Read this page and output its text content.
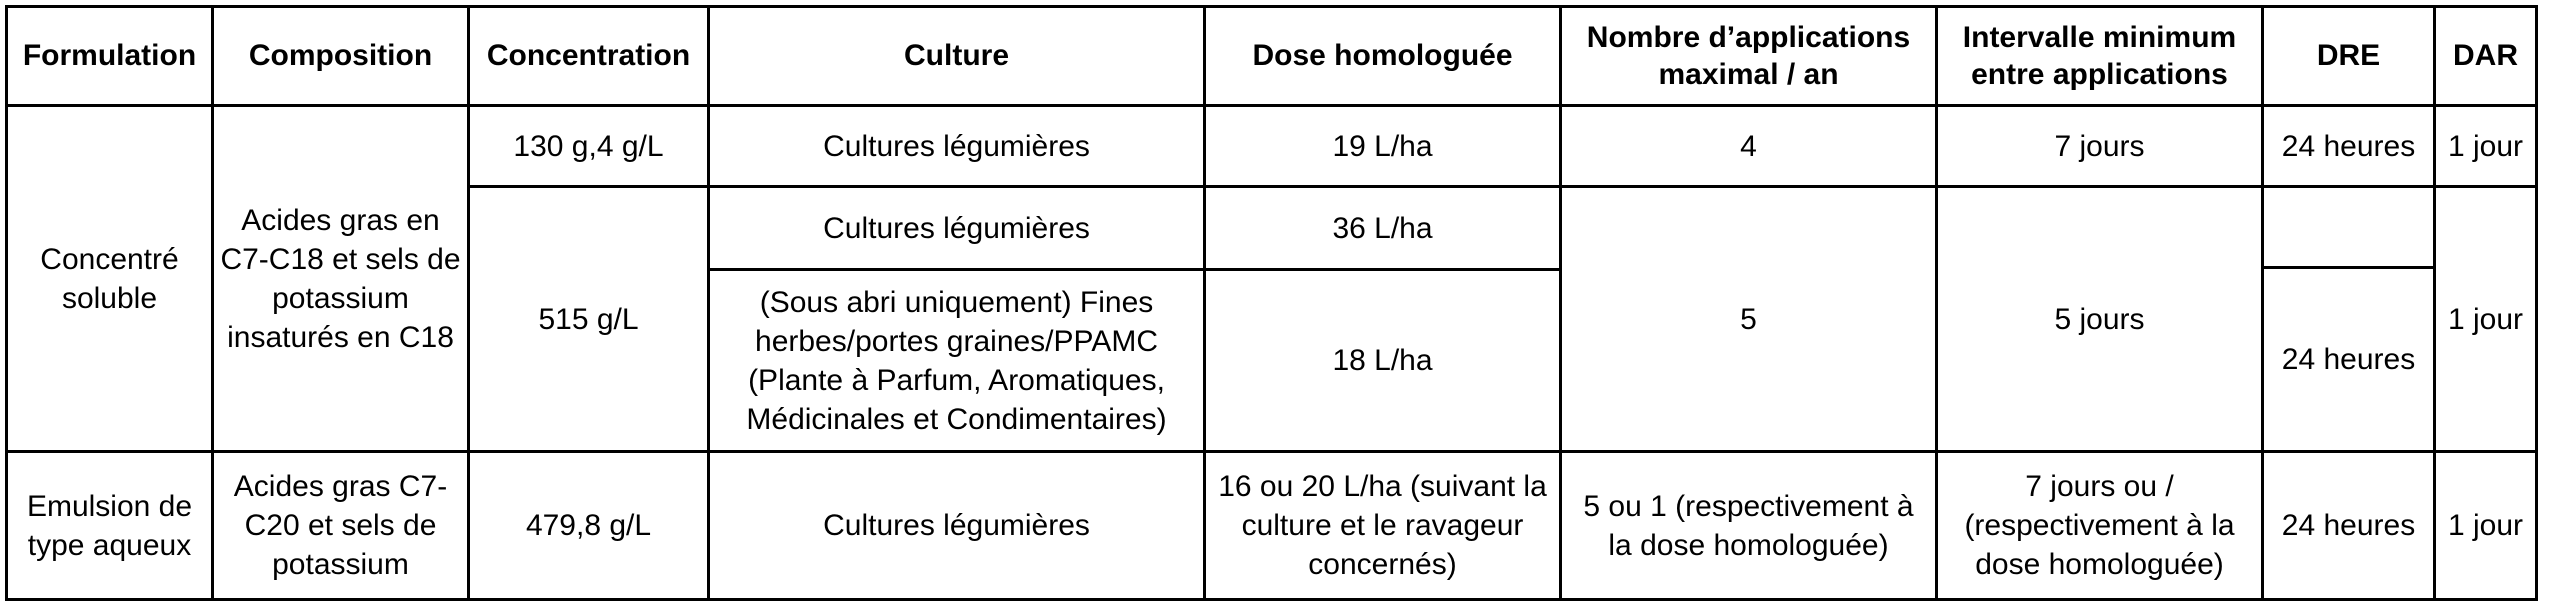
Formulation	Composition	Concentration	Culture	Dose homologuée	Nombre d’applications maximal / an	Intervalle minimum entre applications	DRE	DAR
Concentré soluble	Acides gras en C7-C18 et sels de potassium insaturés en C18	130 g,4 g/L	Cultures légumières	19 L/ha	4	7 jours	24 heures	1 jour
		515 g/L	Cultures légumières	36 L/ha	5	5 jours	24 heures	1 jour
			(Sous abri uniquement) Fines herbes/portes graines/PPAMC (Plante à Parfum, Aromatiques, Médicinales et Condimentaires)	18 L/ha				
Emulsion de type aqueux	Acides gras C7-C20 et sels de potassium	479,8 g/L	Cultures légumières	16 ou 20 L/ha (suivant la culture et le ravageur concernés)	5 ou 1 (respectivement à la dose homologuée)	7 jours ou / (respectivement à la dose homologuée)	24 heures	1 jour
